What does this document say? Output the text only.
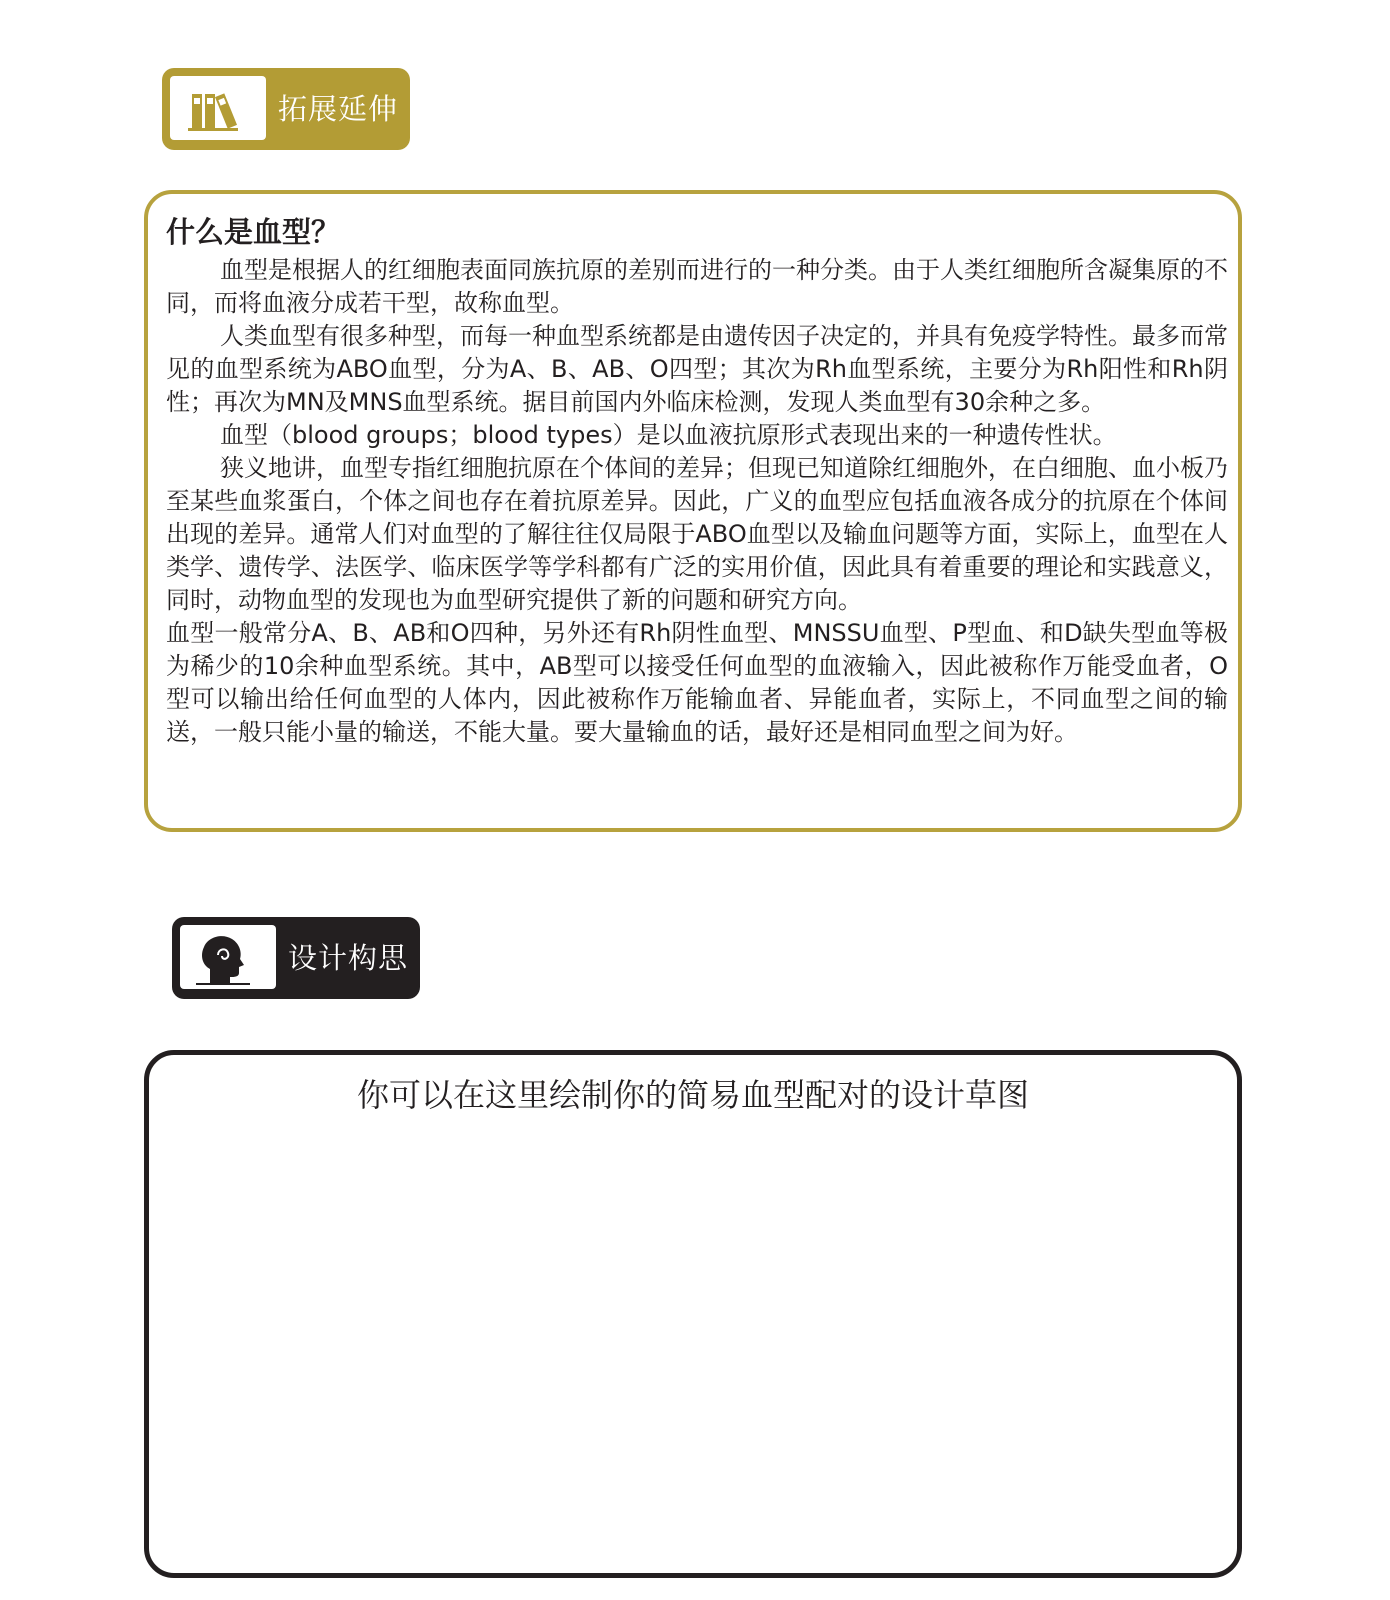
拓展延伸
什么是血型？

血型是根据人的红细胞表面同族抗原的差别而进行的一种分类。由于人类红细胞所含凝集原的不同，而将血液分成若干型，故称血型。

人类血型有很多种型，而每一种血型系统都是由遗传因子决定的，并具有免疫学特性。最多而常见的血型系统为ABO血型，分为A、B、AB、O四型；其次为Rh血型系统，主要分为Rh阳性和Rh阴性；再次为MN及MNS血型系统。据目前国内外临床检测，发现人类血型有30余种之多。

血型（blood groups；blood types）是以血液抗原形式表现出来的一种遗传性状。

狭义地讲，血型专指红细胞抗原在个体间的差异；但现已知道除红细胞外，在白细胞、血小板乃至某些血浆蛋白，个体之间也存在着抗原差异。因此，广义的血型应包括血液各成分的抗原在个体间出现的差异。通常人们对血型的了解往往仅局限于ABO血型以及输血问题等方面，实际上，血型在人类学、遗传学、法医学、临床医学等学科都有广泛的实用价值，因此具有着重要的理论和实践意义，同时，动物血型的发现也为血型研究提供了新的问题和研究方向。

血型一般常分A、B、AB和O四种，另外还有Rh阴性血型、MNSSU血型、P型血、和D缺失型血等极为稀少的10余种血型系统。其中，AB型可以接受任何血型的血液输入，因此被称作万能受血者，O型可以输出给任何血型的人体内，因此被称作万能输血者、异能血者，实际上，不同血型之间的输送，一般只能小量的输送，不能大量。要大量输血的话，最好还是相同血型之间为好。

设计构思
你可以在这里绘制你的简易血型配对的设计草图
